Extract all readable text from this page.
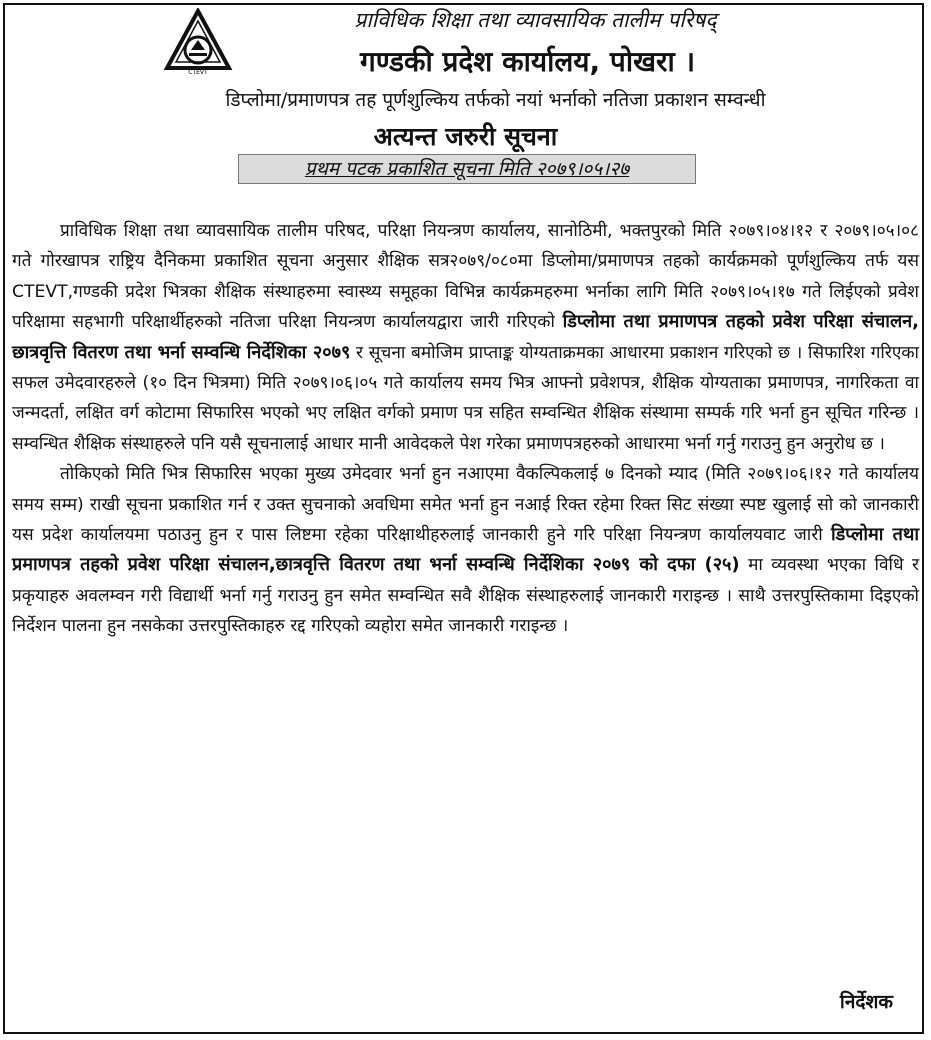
CTEVT
प्राविधिक शिक्षा तथा व्यावसायिक तालीम परिषद्
गण्डकी प्रदेश कार्यालय, पोखरा ।
डिप्लोमा/प्रमाणपत्र तह पूर्णशुल्किय तर्फको नयां भर्नाको नतिजा प्रकाशन सम्वन्धी
अत्यन्त जरुरी सूचना
प्रथम पटक प्रकाशित सूचना मिति २०७९।०५।२७

प्राविधिक शिक्षा तथा व्यावसायिक तालीम परिषद, परिक्षा नियन्त्रण कार्यालय, सानोठिमी, भक्तपुरको मिति २०७९।०४।१२ र २०७९।०५।०८ गते गोरखापत्र राष्ट्रिय दैनिकमा प्रकाशित सूचना अनुसार शैक्षिक सत्र२०७९/०८०मा डिप्लोमा/प्रमाणपत्र तहको कार्यक्रमको पूर्णशुल्किय तर्फ यस CTEVT,गण्डकी प्रदेश भित्रका शैक्षिक संस्थाहरुमा स्वास्थ्य समूहका विभिन्न कार्यक्रमहरुमा भर्नाका लागि मिति २०७९।०५।१७ गते लिईएको प्रवेश परिक्षामा सहभागी परिक्षार्थीहरुको नतिजा परिक्षा नियन्त्रण कार्यालयद्वारा जारी गरिएको डिप्लोमा तथा प्रमाणपत्र तहको प्रवेश परिक्षा संचालन, छात्रवृत्ति वितरण तथा भर्ना सम्वन्धि निर्देशिका २०७९ र सूचना बमोजिम प्राप्ताङ्क योग्यताक्रमका आधारमा प्रकाशन गरिएको छ । सिफारिश गरिएका सफल उमेदवारहरुले (१० दिन भित्रमा) मिति २०७९।०६।०५ गते कार्यालय समय भित्र आफ्नो प्रवेशपत्र, शैक्षिक योग्यताका प्रमाणपत्र, नागरिकता वा जन्मदर्ता, लक्षित वर्ग कोटामा सिफारिस भएको भए लक्षित वर्गको प्रमाण पत्र सहित सम्वन्धित शैक्षिक संस्थामा सम्पर्क गरि भर्ना हुन सूचित गरिन्छ । सम्वन्धित शैक्षिक संस्थाहरुले पनि यसै सूचनालाई आधार मानी आवेदकले पेश गरेका प्रमाणपत्रहरुको आधारमा भर्ना गर्नु गराउनु हुन अनुरोध छ ।

तोकिएको मिति भित्र सिफारिस भएका मुख्य उमेदवार भर्ना हुन नआएमा वैकल्पिकलाई ७ दिनको म्याद (मिति २०७९।०६।१२ गते कार्यालय समय सम्म) राखी सूचना प्रकाशित गर्न र उक्त सुचनाको अवधिमा समेत भर्ना हुन नआई रिक्त रहेमा रिक्त सिट संख्या स्पष्ट खुलाई सो को जानकारी यस प्रदेश कार्यालयमा पठाउनु हुन र पास लिष्टमा रहेका परिक्षाथीहरुलाई जानकारी हुने गरि परिक्षा नियन्त्रण कार्यालयवाट जारी डिप्लोमा तथा प्रमाणपत्र तहको प्रवेश परिक्षा संचालन,छात्रवृत्ति वितरण तथा भर्ना सम्वन्धि निर्देशिका २०७९ को दफा (२५) मा व्यवस्था भएका विधि र प्रकृयाहरु अवलम्वन गरी विद्यार्थी भर्ना गर्नु गराउनु हुन समेत सम्वन्धित सवै शैक्षिक संस्थाहरुलाई जानकारी गराइन्छ । साथै उत्तरपुस्तिकामा दिइएको निर्देशन पालना हुन नसकेका उत्तरपुस्तिकाहरु रद्द गरिएको व्यहोरा समेत जानकारी गराइन्छ ।

निर्देशक
